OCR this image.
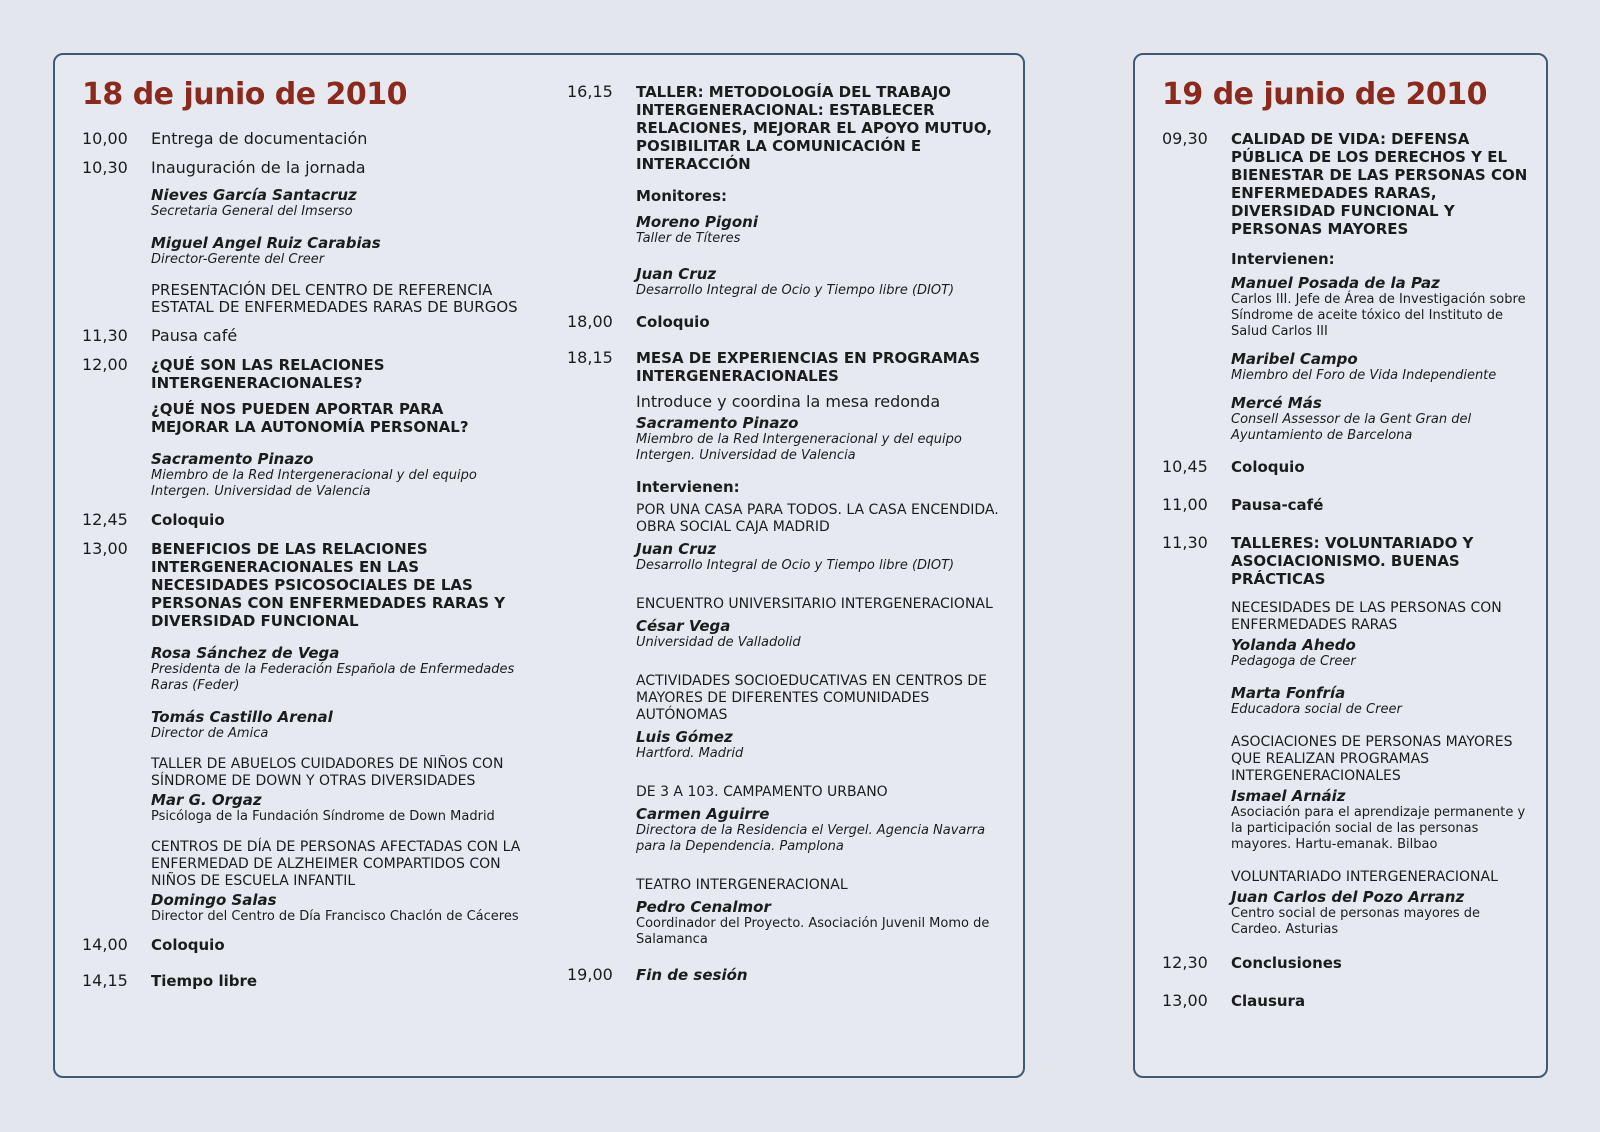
18 de junio de 2010
10,00	Entrega de documentación
10,30	Inauguración de la jornada
Nieves García Santacruz
Secretaria General del Imserso
Miguel Angel Ruiz Carabias
Director-Gerente del Creer
PRESENTACIÓN DEL CENTRO DE REFERENCIA ESTATAL DE ENFERMEDADES RARAS DE BURGOS
11,30	Pausa café
12,00	¿QUÉ SON LAS RELACIONES INTERGENERACIONALES?
¿QUÉ NOS PUEDEN APORTAR PARA MEJORAR LA AUTONOMÍA PERSONAL?
Sacramento Pinazo
Miembro de la Red Intergeneracional y del equipo Intergen. Universidad de Valencia
12,45	Coloquio
13,00	BENEFICIOS DE LAS RELACIONES INTERGENERACIONALES EN LAS NECESIDADES PSICOSOCIALES DE LAS PERSONAS CON ENFERMEDADES RARAS Y DIVERSIDAD FUNCIONAL
Rosa Sánchez de Vega
Presidenta de la Federación Española de Enfermedades Raras (Feder)
Tomás Castillo Arenal
Director de Amica
TALLER DE ABUELOS CUIDADORES DE NIÑOS CON SÍNDROME DE DOWN Y OTRAS DIVERSIDADES
Mar G. Orgaz
Psicóloga de la Fundación Síndrome de Down Madrid
CENTROS DE DÍA DE PERSONAS AFECTADAS CON LA ENFERMEDAD DE ALZHEIMER COMPARTIDOS CON NIÑOS DE ESCUELA INFANTIL
Domingo Salas
Director del Centro de Día Francisco Chaclón de Cáceres
14,00	Coloquio
14,15	Tiempo libre
16,15	TALLER: METODOLOGÍA DEL TRABAJO INTERGENERACIONAL: ESTABLECER RELACIONES, MEJORAR EL APOYO MUTUO, POSIBILITAR LA COMUNICACIÓN E INTERACCIÓN
Monitores:
Moreno Pigoni
Taller de Títeres
Juan Cruz
Desarrollo Integral de Ocio y Tiempo libre (DIOT)
18,00	Coloquio
18,15	MESA DE EXPERIENCIAS EN PROGRAMAS INTERGENERACIONALES
Introduce y coordina la mesa redonda
Sacramento Pinazo
Miembro de la Red Intergeneracional y del equipo Intergen. Universidad de Valencia
Intervienen:
POR UNA CASA PARA TODOS. LA CASA ENCENDIDA. OBRA SOCIAL CAJA MADRID
Juan Cruz
Desarrollo Integral de Ocio y Tiempo libre (DIOT)
ENCUENTRO UNIVERSITARIO INTERGENERACIONAL
César Vega
Universidad de Valladolid
ACTIVIDADES SOCIOEDUCATIVAS EN CENTROS DE MAYORES DE DIFERENTES COMUNIDADES AUTÓNOMAS
Luis Gómez
Hartford. Madrid
DE 3 A 103. CAMPAMENTO URBANO
Carmen Aguirre
Directora de la Residencia el Vergel. Agencia Navarra para la Dependencia. Pamplona
TEATRO INTERGENERACIONAL
Pedro Cenalmor
Coordinador del Proyecto. Asociación Juvenil Momo de Salamanca
19,00	Fin de sesión
19 de junio de 2010
09,30	CALIDAD DE VIDA: DEFENSA PÚBLICA DE LOS DERECHOS Y EL BIENESTAR DE LAS PERSONAS CON ENFERMEDADES RARAS, DIVERSIDAD FUNCIONAL Y PERSONAS MAYORES
Intervienen:
Manuel Posada de la Paz
Carlos III. Jefe de Área de Investigación sobre Síndrome de aceite tóxico del Instituto de Salud Carlos III
Maribel Campo
Miembro del Foro de Vida Independiente
Mercé Más
Consell Assessor de la Gent Gran del Ayuntamiento de Barcelona
10,45	Coloquio
11,00	Pausa-café
11,30	TALLERES: VOLUNTARIADO Y ASOCIACIONISMO. BUENAS PRÁCTICAS
NECESIDADES DE LAS PERSONAS CON ENFERMEDADES RARAS
Yolanda Ahedo
Pedagoga de Creer
Marta Fonfría
Educadora social de Creer
ASOCIACIONES DE PERSONAS MAYORES QUE REALIZAN PROGRAMAS INTERGENERACIONALES
Ismael Arnáiz
Asociación para el aprendizaje permanente y la participación social de las personas mayores. Hartu-emanak. Bilbao
VOLUNTARIADO INTERGENERACIONAL
Juan Carlos del Pozo Arranz
Centro social de personas mayores de Cardeo. Asturias
12,30	Conclusiones
13,00	Clausura
